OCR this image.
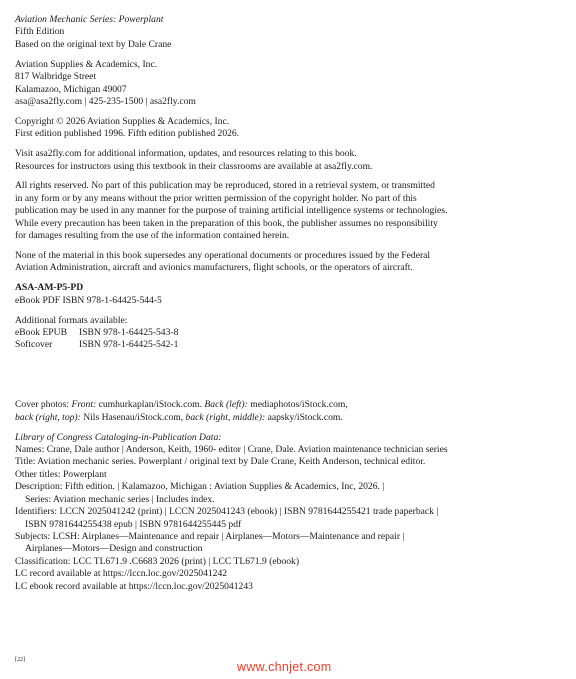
Aviation Mechanic Series: Powerplant
Fifth Edition
Based on the original text by Dale Crane
Aviation Supplies & Academics, Inc.
817 Walbridge Street
Kalamazoo, Michigan 49007
asa@asa2fly.com | 425-235-1500 | asa2fly.com
Copyright © 2026 Aviation Supplies & Academics, Inc.
First edition published 1996. Fifth edition published 2026.
Visit asa2fly.com for additional information, updates, and resources relating to this book.
Resources for instructors using this textbook in their classrooms are available at asa2fly.com.
All rights reserved. No part of this publication may be reproduced, stored in a retrieval system, or transmitted
in any form or by any means without the prior written permission of the copyright holder. No part of this
publication may be used in any manner for the purpose of training artificial intelligence systems or technologies.
While every precaution has been taken in the preparation of this book, the publisher assumes no responsibility
for damages resulting from the use of the information contained herein.
None of the material in this book supersedes any operational documents or procedures issued by the Federal
Aviation Administration, aircraft and avionics manufacturers, flight schools, or the operators of aircraft.
ASA-AM-P5-PD
eBook PDF ISBN 978-1-64425-544-5
Additional formats available:
eBook EPUB	ISBN 978-1-64425-543-8
Softcover	ISBN 978-1-64425-542-1
Cover photos: Front: cumhurkaplan/iStock.com. Back (left): mediaphotos/iStock.com,
back (right, top): Nils Hasenau/iStock.com, back (right, middle): aapsky/iStock.com.
Library of Congress Cataloging-in-Publication Data:
Names: Crane, Dale author | Anderson, Keith, 1960- editor | Crane, Dale. Aviation maintenance technician series
Title: Aviation mechanic series. Powerplant / original text by Dale Crane, Keith Anderson, technical editor.
Other titles: Powerplant
Description: Fifth edition. | Kalamazoo, Michigan : Aviation Supplies & Academics, Inc, 2026. |
Series: Aviation mechanic series | Includes index.
Identifiers: LCCN 2025041242 (print) | LCCN 2025041243 (ebook) | ISBN 9781644255421 trade paperback |
ISBN 9781644255438 epub | ISBN 9781644255445 pdf
Subjects: LCSH: Airplanes—Maintenance and repair | Airplanes—Motors—Maintenance and repair |
Airplanes—Motors—Design and construction
Classification: LCC TL671.9 .C6683 2026 (print) | LCC TL671.9 (ebook)
LC record available at https://lccn.loc.gov/2025041242
LC ebook record available at https://lccn.loc.gov/2025041243
[22]	www.chnjet.com
